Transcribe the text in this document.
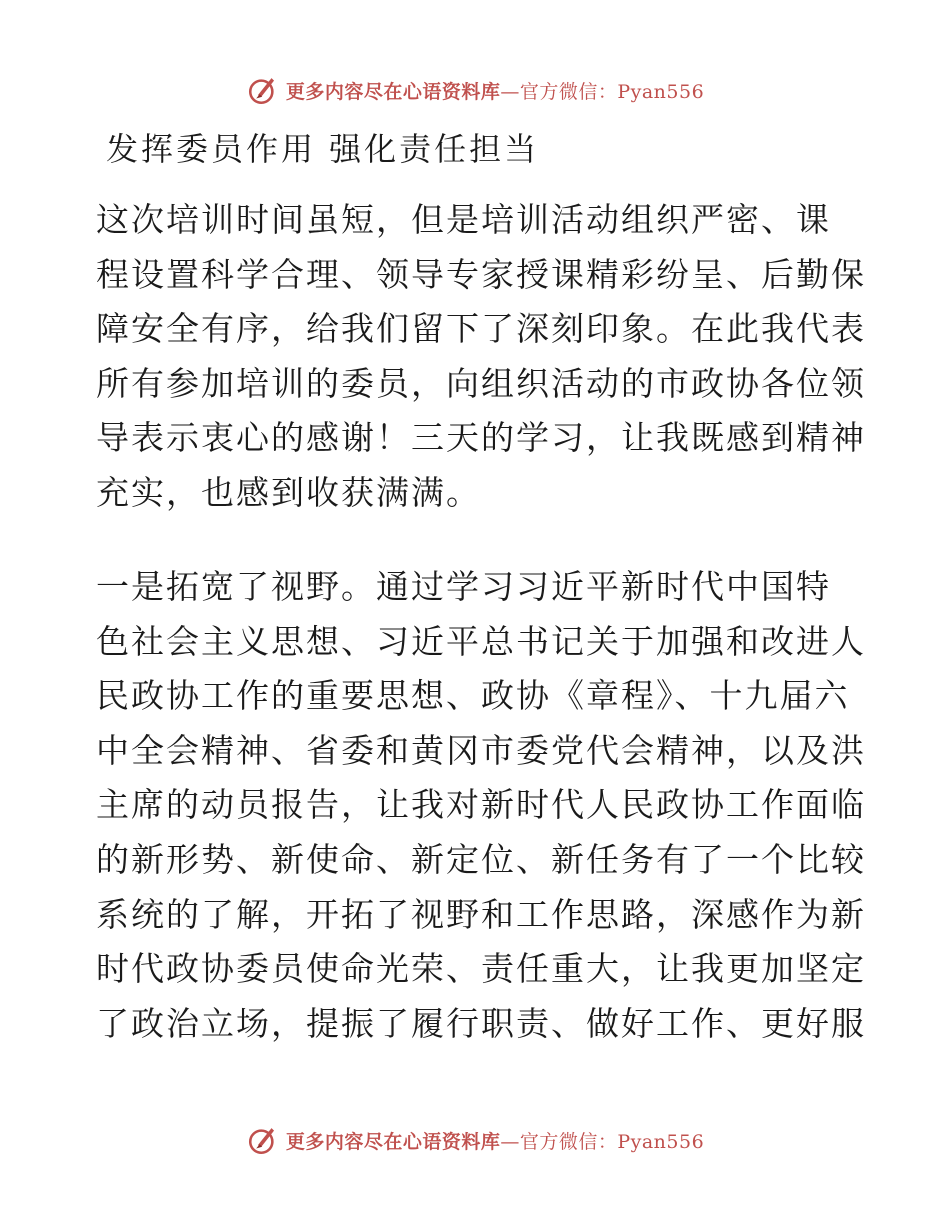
更多内容尽在心语资料库—官方微信：Pyan556
发挥委员作用 强化责任担当

这次培训时间虽短，但是培训活动组织严密、课
程设置科学合理、领导专家授课精彩纷呈、后勤保
障安全有序，给我们留下了深刻印象。在此我代表
所有参加培训的委员，向组织活动的市政协各位领
导表示衷心的感谢！三天的学习，让我既感到精神
充实，也感到收获满满。

一是拓宽了视野。通过学习习近平新时代中国特
色社会主义思想、习近平总书记关于加强和改进人
民政协工作的重要思想、政协《章程》、十九届六
中全会精神、省委和黄冈市委党代会精神，以及洪
主席的动员报告，让我对新时代人民政协工作面临
的新形势、新使命、新定位、新任务有了一个比较
系统的了解，开拓了视野和工作思路，深感作为新
时代政协委员使命光荣、责任重大，让我更加坚定
了政治立场，提振了履行职责、做好工作、更好服

更多内容尽在心语资料库—官方微信：Pyan556
